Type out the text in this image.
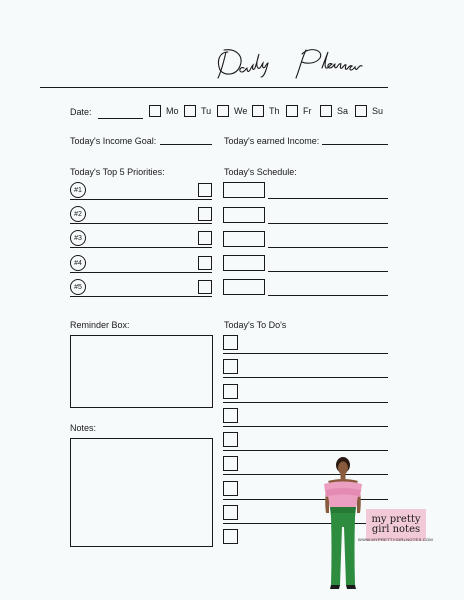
Date:	Mo Tu	We Th	Fr	Sa	Su
Today's Income Goal:	Today's earned Income:
Today's Top 5 Priorities:	Today's Schedule:
#1
#2
#3
#4
#5
Reminder Box:
Notes:
Today's To Do's
my pretty
girl notes
WWW.MYPRETTYGIRLNOTES.COM
